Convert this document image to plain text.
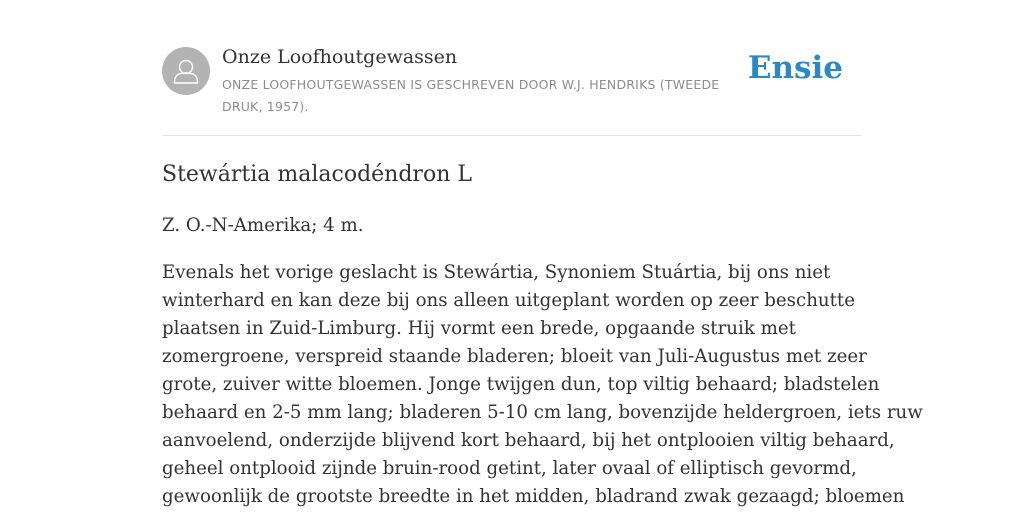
Onze Loofhoutgewassen
ONZE LOOFHOUTGEWASSEN IS GESCHREVEN DOOR W.J. HENDRIKS (TWEEDE DRUK, 1957).
Ensie
Stewártia malacodéndron L

Z. O.-N-Amerika; 4 m.

Evenals het vorige geslacht is Stewártia, Synoniem Stuártia, bij ons niet
winterhard en kan deze bij ons alleen uitgeplant worden op zeer beschutte
plaatsen in Zuid-Limburg. Hij vormt een brede, opgaande struik met
zomergroene, verspreid staande bladeren; bloeit van Juli-Augustus met zeer
grote, zuiver witte bloemen. Jonge twijgen dun, top viltig behaard; bladstelen
behaard en 2-5 mm lang; bladeren 5-10 cm lang, bovenzijde heldergroen, iets ruw
aanvoelend, onderzijde blijvend kort behaard, bij het ontplooien viltig behaard,
geheel ontplooid zijnde bruin-rood getint, later ovaal of elliptisch gevormd,
gewoonlijk de grootste breedte in het midden, bladrand zwak gezaagd; bloemen
